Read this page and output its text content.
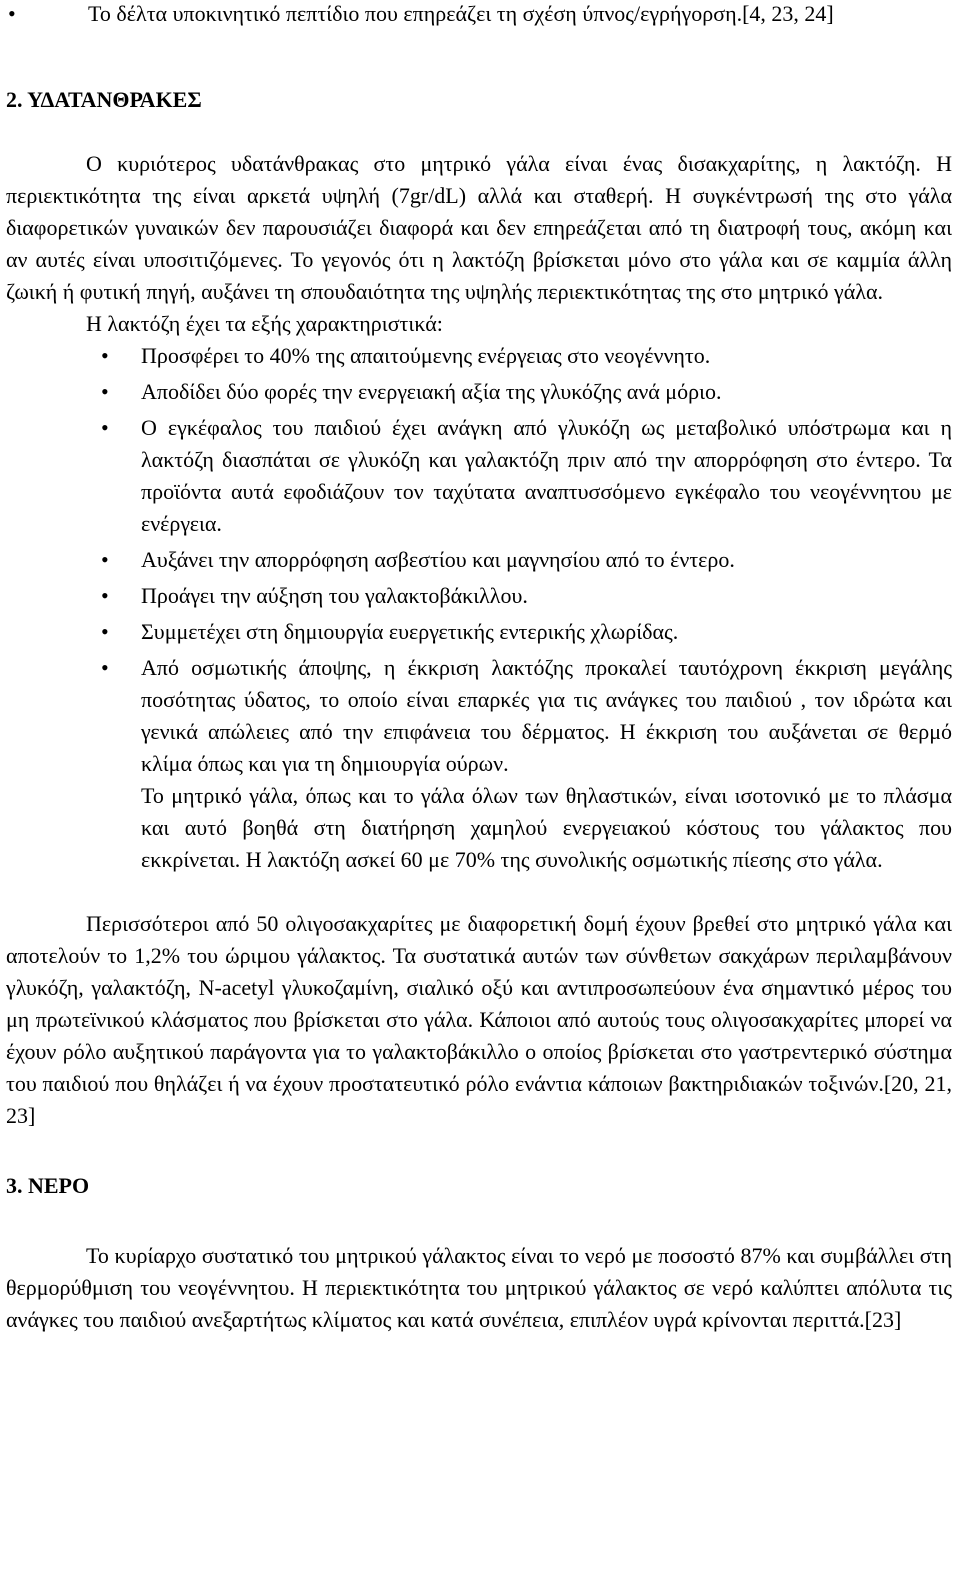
•	Το δέλτα υποκινητικό πεπτίδιο που επηρεάζει τη σχέση ύπνος/εγρήγορση.[4, 23, 24]

2. ΥΔΑΤΑΝΘΡΑΚΕΣ

Ο κυριότερος υδατάνθρακας στο μητρικό γάλα είναι ένας δισακχαρίτης, η λακτόζη. Η περιεκτικότητα της είναι αρκετά υψηλή (7gr/dL) αλλά και σταθερή. Η συγκέντρωσή της στο γάλα διαφορετικών γυναικών δεν παρουσιάζει διαφορά και δεν επηρεάζεται από τη διατροφή τους, ακόμη και αν αυτές είναι υποσιτιζόμενες. Το γεγονός ότι η λακτόζη βρίσκεται μόνο στο γάλα και σε καμμία άλλη ζωική ή φυτική πηγή, αυξάνει τη σπουδαιότητα της υψηλής περιεκτικότητας της στο μητρικό γάλα.

Η λακτόζη έχει τα εξής χαρακτηριστικά:

• Προσφέρει το 40% της απαιτούμενης ενέργειας στο νεογέννητο.
• Αποδίδει δύο φορές την ενεργειακή αξία της γλυκόζης ανά μόριο.
• Ο εγκέφαλος του παιδιού έχει ανάγκη από γλυκόζη ως μεταβολικό υπόστρωμα και η λακτόζη διασπάται σε γλυκόζη και γαλακτόζη πριν από την απορρόφηση στο έντερο. Τα προϊόντα αυτά εφοδιάζουν τον ταχύτατα αναπτυσσόμενο εγκέφαλο του νεογέννητου με ενέργεια.
• Αυξάνει την απορρόφηση ασβεστίου και μαγνησίου από το έντερο.
• Προάγει την αύξηση του γαλακτοβάκιλλου.
• Συμμετέχει στη δημιουργία ευεργετικής εντερικής χλωρίδας.
• Από οσμωτικής άποψης, η έκκριση λακτόζης προκαλεί ταυτόχρονη έκκριση μεγάλης ποσότητας ύδατος, το οποίο είναι επαρκές για τις ανάγκες του παιδιού , τον ιδρώτα και γενικά απώλειες από την επιφάνεια του δέρματος. Η έκκριση του αυξάνεται σε θερμό κλίμα όπως και για τη δημιουργία ούρων.

Το μητρικό γάλα, όπως και το γάλα όλων των θηλαστικών, είναι ισοτονικό με το πλάσμα και αυτό βοηθά στη διατήρηση χαμηλού ενεργειακού κόστους του γάλακτος που εκκρίνεται. Η λακτόζη ασκεί 60 με 70% της συνολικής οσμωτικής πίεσης στο γάλα.

Περισσότεροι από 50 ολιγοσακχαρίτες με διαφορετική δομή έχουν βρεθεί στο μητρικό γάλα και αποτελούν το 1,2% του ώριμου γάλακτος. Τα συστατικά αυτών των σύνθετων σακχάρων περιλαμβάνουν γλυκόζη, γαλακτόζη, N-acetyl γλυκοζαμίνη, σιαλικό οξύ και αντιπροσωπεύουν ένα σημαντικό μέρος του μη πρωτεϊνικού κλάσματος που βρίσκεται στο γάλα. Κάποιοι από αυτούς τους ολιγοσακχαρίτες μπορεί να έχουν ρόλο αυξητικού παράγοντα για το γαλακτοβάκιλλο ο οποίος βρίσκεται στο γαστρεντερικό σύστημα του παιδιού που θηλάζει ή να έχουν προστατευτικό ρόλο ενάντια κάποιων βακτηριδιακών τοξινών.[20, 21, 23]

3. ΝΕΡΟ

Το κυρίαρχο συστατικό του μητρικού γάλακτος είναι το νερό με ποσοστό 87% και συμβάλλει στη θερμορύθμιση του νεογέννητου. Η περιεκτικότητα του μητρικού γάλακτος σε νερό καλύπτει απόλυτα τις ανάγκες του παιδιού ανεξαρτήτως κλίματος και κατά συνέπεια, επιπλέον υγρά κρίνονται περιττά.[23]
